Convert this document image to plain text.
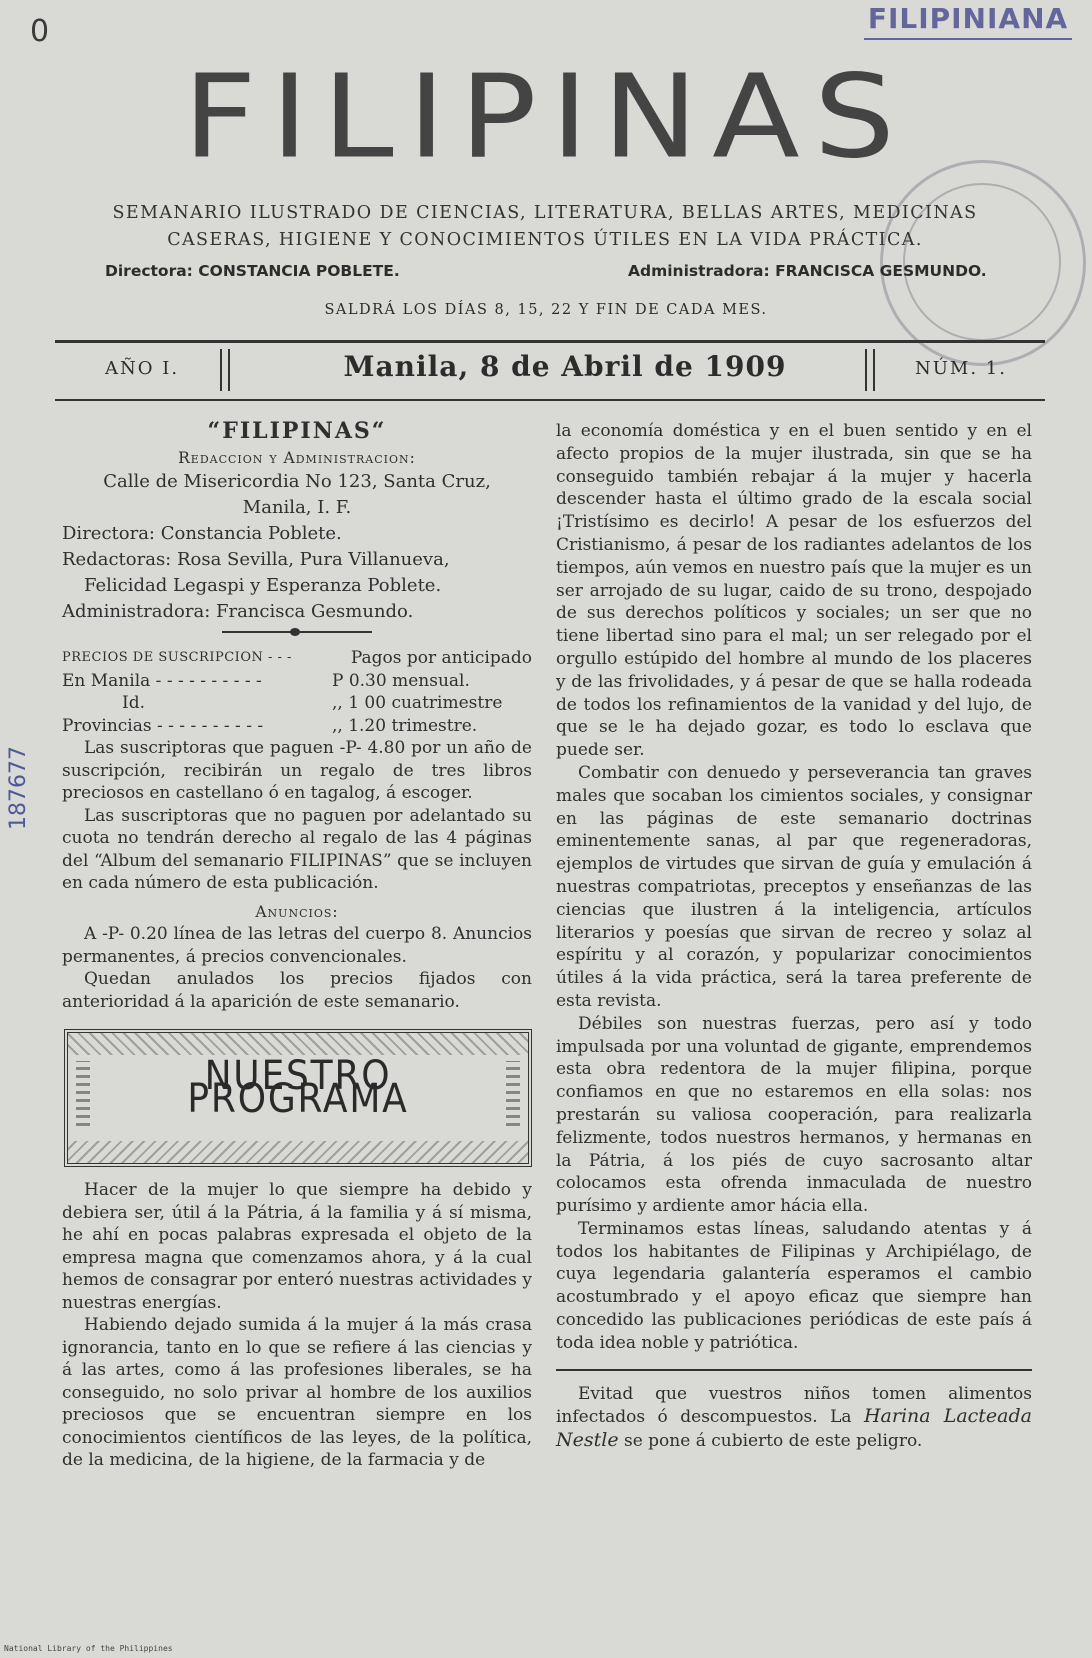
0	FILIPINIANA
FILIPINAS
SEMANARIO ILUSTRADO DE CIENCIAS, LITERATURA, BELLAS ARTES, MEDICINAS
CASERAS, HIGIENE Y CONOCIMIENTOS ÚTILES EN LA VIDA PRÁCTICA.
Directora: CONSTANCIA POBLETE.	Administradora: FRANCISCA GESMUNDO.
SALDRÁ LOS DÍAS 8, 15, 22 Y FIN DE CADA MES.
AÑO I.	Manila, 8 de Abril de 1909	NÚM. 1.
“FILIPINAS“
Redaccion y Administracion:
Calle de Misericordia No 123, Santa Cruz,
Manila, I. F.
Directora: Constancia Poblete.
Redactoras: Rosa Sevilla, Pura Villanueva,
Felicidad Legaspi y Esperanza Poblete.
Administradora: Francisca Gesmundo.
PRECIOS DE SUSCRIPCION - - -	Pagos por anticipado
En Manila - - - - - - - - - -	P 0.30 mensual.
Id.	,, 1 00 cuatrimestre
Provincias - - - - - - - - - -	,, 1.20 trimestre.
Las suscriptoras que paguen -P- 4.80 por un año de suscripción, recibirán un regalo de tres libros preciosos en castellano ó en tagalog, á escoger.
Las suscriptoras que no paguen por adelantado su cuota no tendrán derecho al regalo de las 4 páginas del “Album del semanario FILIPINAS” que se incluyen en cada número de esta publicación.
Anuncios:
A -P- 0.20 línea de las letras del cuerpo 8. Anuncios permanentes, á precios convencionales.
Quedan anulados los precios fijados con anterioridad á la aparición de este semanario.
NUESTRO PROGRAMA
Hacer de la mujer lo que siempre ha debido y debiera ser, útil á la Pátria, á la familia y á sí misma, he ahí en pocas palabras expresada el objeto de la empresa magna que comenzamos ahora, y á la cual hemos de consagrar por enteró nuestras actividades y nuestras energías.
Habiendo dejado sumida á la mujer á la más crasa ignorancia, tanto en lo que se refiere á las ciencias y á las artes, como á las profesiones liberales, se ha conseguido, no solo privar al hombre de los auxilios preciosos que se encuentran siempre en los conocimientos científicos de las leyes, de la política, de la medicina, de la higiene, de la farmacia y de
la economía doméstica y en el buen sentido y en el afecto propios de la mujer ilustrada, sin que se ha conseguido también rebajar á la mujer y hacerla descender hasta el último grado de la escala social ¡Tristísimo es decirlo! A pesar de los esfuerzos del Cristianismo, á pesar de los radiantes adelantos de los tiempos, aún vemos en nuestro país que la mujer es un ser arrojado de su lugar, caido de su trono, despojado de sus derechos políticos y sociales; un ser que no tiene libertad sino para el mal; un ser relegado por el orgullo estúpido del hombre al mundo de los placeres y de las frivolidades, y á pesar de que se halla rodeada de todos los refinamientos de la vanidad y del lujo, de que se le ha dejado gozar, es todo lo esclava que puede ser.
Combatir con denuedo y perseverancia tan graves males que socaban los cimientos sociales, y consignar en las páginas de este semanario doctrinas eminentemente sanas, al par que regeneradoras, ejemplos de virtudes que sirvan de guía y emulación á nuestras compatriotas, preceptos y enseñanzas de las ciencias que ilustren á la inteligencia, artículos literarios y poesías que sirvan de recreo y solaz al espíritu y al corazón, y popularizar conocimientos útiles á la vida práctica, será la tarea preferente de esta revista.
Débiles son nuestras fuerzas, pero así y todo impulsada por una voluntad de gigante, emprendemos esta obra redentora de la mujer filipina, porque confiamos en que no estaremos en ella solas: nos prestarán su valiosa cooperación, para realizarla felizmente, todos nuestros hermanos, y hermanas en la Pátria, á los piés de cuyo sacrosanto altar colocamos esta ofrenda inmaculada de nuestro purísimo y ardiente amor hácia ella.
Terminamos estas líneas, saludando atentas y á todos los habitantes de Filipinas y Archipiélago, de cuya legendaria galantería esperamos el cambio acostumbrado y el apoyo eficaz que siempre han concedido las publicaciones periódicas de este país á toda idea noble y patriótica.
Evitad que vuestros niños tomen alimentos infectados ó descompuestos. La Harina Lacteada Nestle se pone á cubierto de este peligro.
187677
National Library of the Philippines
